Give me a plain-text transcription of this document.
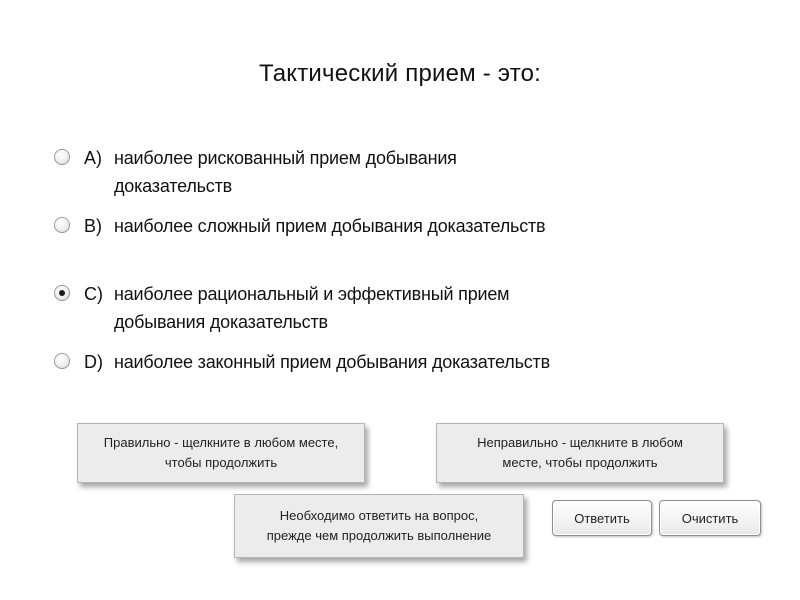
Тактический прием - это:
A) наиболее рискованный прием добывания доказательств
B) наиболее сложный прием добывания доказательств
C) наиболее рациональный и эффективный прием добывания доказательств
D) наиболее законный прием добывания доказательств
Правильно - щелкните в любом месте,
чтобы продолжить
Неправильно - щелкните в любом
месте, чтобы продолжить
Необходимо ответить на вопрос,
прежде чем продолжить выполнение
Ответить	Очистить
